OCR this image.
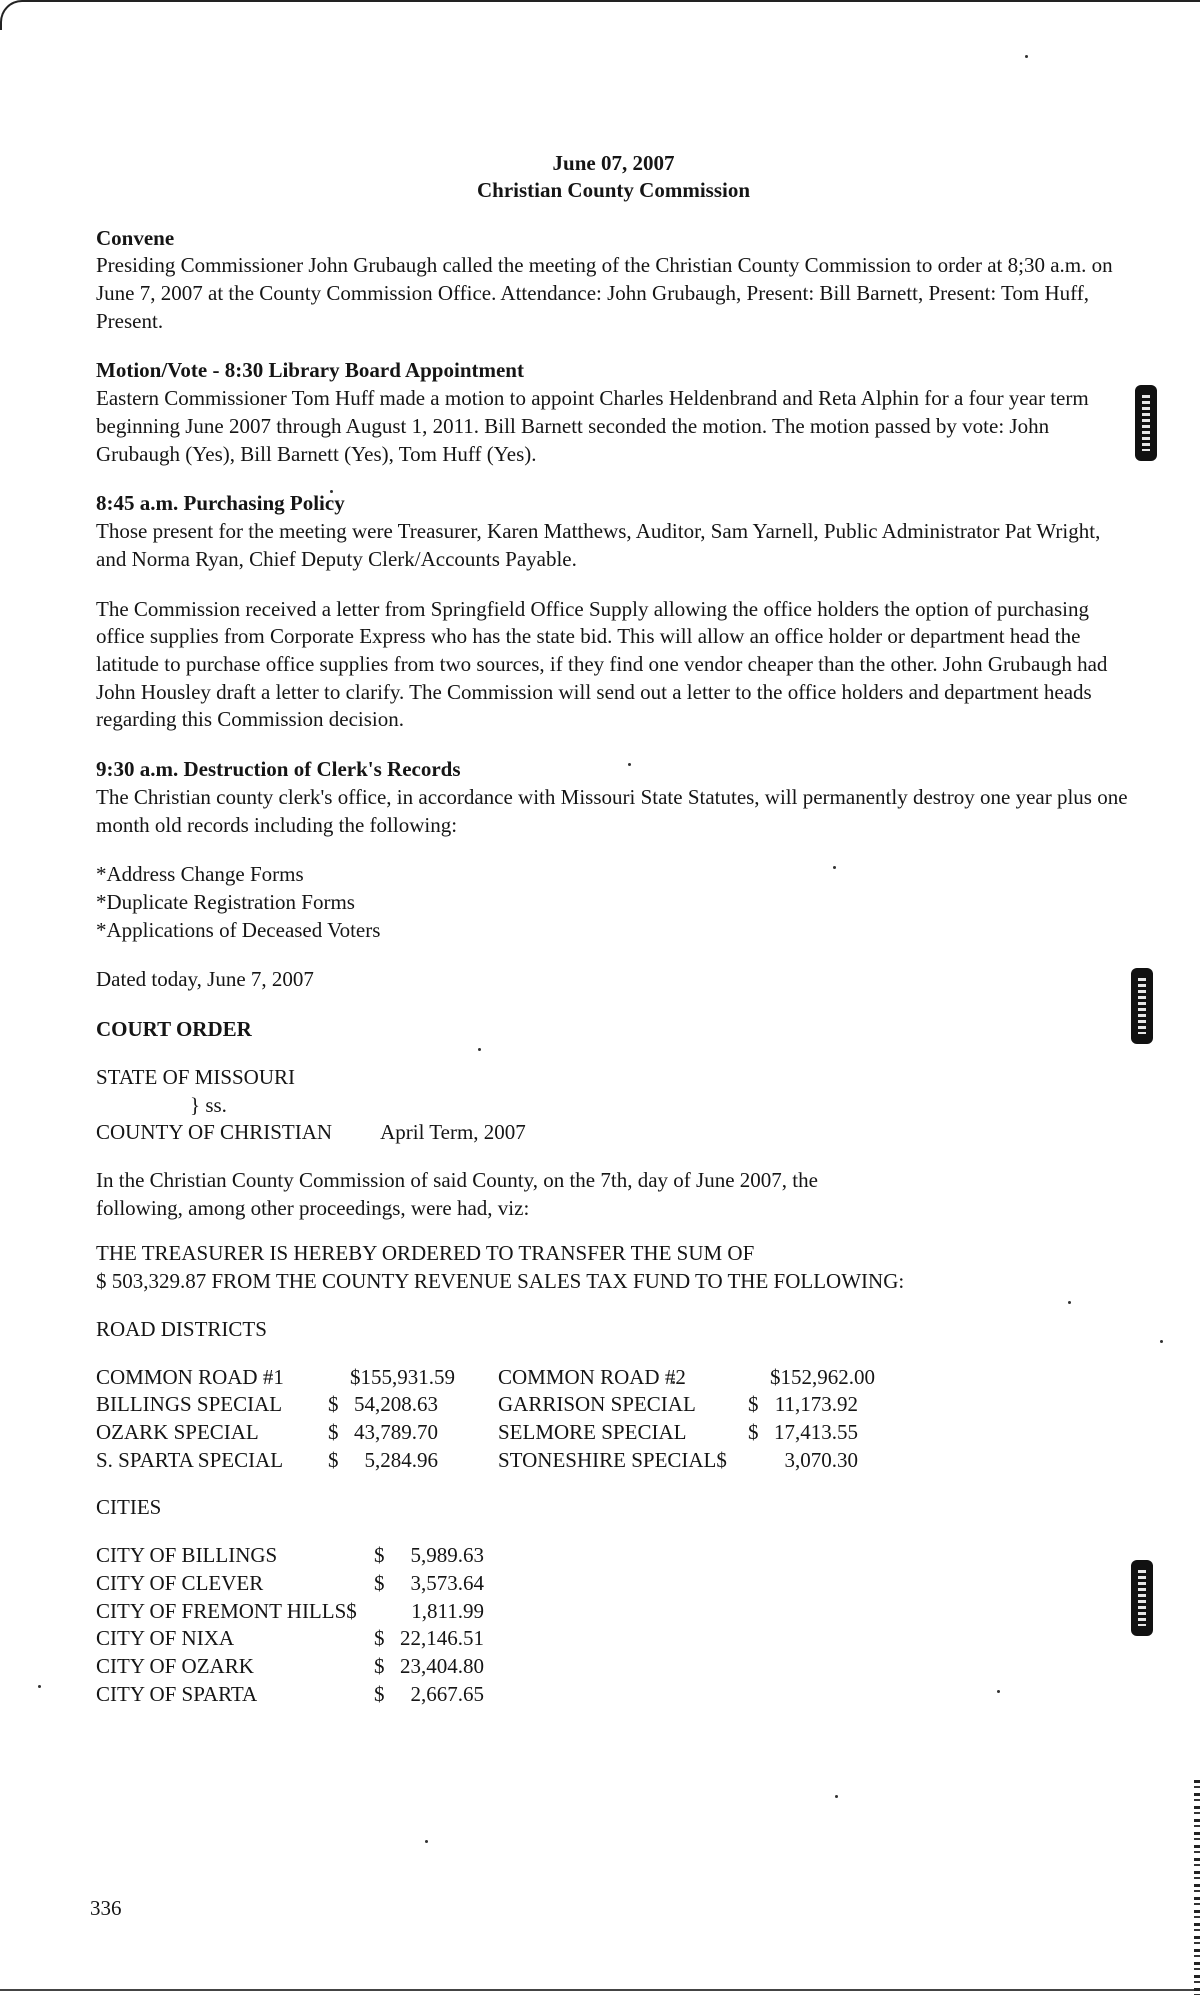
June 07, 2007
Christian County Commission
Convene
Presiding Commissioner John Grubaugh called the meeting of the Christian County Commission to order at 8;30 a.m. on June 7, 2007 at the County Commission Office. Attendance: John Grubaugh, Present: Bill Barnett, Present: Tom Huff, Present.
Motion/Vote - 8:30 Library Board Appointment
Eastern Commissioner Tom Huff made a motion to appoint Charles Heldenbrand and Reta Alphin for a four year term beginning June 2007 through August 1, 2011. Bill Barnett seconded the motion. The motion passed by vote: John Grubaugh (Yes), Bill Barnett (Yes), Tom Huff (Yes).
8:45 a.m. Purchasing Policy

Those present for the meeting were Treasurer, Karen Matthews, Auditor, Sam Yarnell, Public Administrator Pat Wright, and Norma Ryan, Chief Deputy Clerk/Accounts Payable.

The Commission received a letter from Springfield Office Supply allowing the office holders the option of purchasing office supplies from Corporate Express who has the state bid. This will allow an office holder or department head the latitude to purchase office supplies from two sources, if they find one vendor cheaper than the other. John Grubaugh had John Housley draft a letter to clarify. The Commission will send out a letter to the office holders and department heads regarding this Commission decision.
9:30 a.m. Destruction of Clerk's Records

The Christian county clerk's office, in accordance with Missouri State Statutes, will permanently destroy one year plus one month old records including the following:

*Address Change Forms
*Duplicate Registration Forms
*Applications of Deceased Voters
Dated today, June 7, 2007
COURT ORDER
STATE OF MISSOURI
} ss.
COUNTY OF CHRISTIAN April Term, 2007
In the Christian County Commission of said County, on the 7th, day of June 2007, the following, among other proceedings, were had, viz:
THE TREASURER IS HEREBY ORDERED TO TRANSFER THE SUM OF
$ 503,329.87 FROM THE COUNTY REVENUE SALES TAX FUND TO THE FOLLOWING:
ROAD DISTRICTS
COMMON ROAD #1	$155,931.59	COMMON ROAD #2	$152,962.00
BILLINGS SPECIAL	$ 54,208.63	GARRISON SPECIAL	$ 11,173.92
OZARK SPECIAL	$ 43,789.70	SELMORE SPECIAL	$ 17,413.55
S. SPARTA SPECIAL	$ 5,284.96	STONESHIRE SPECIAL$	3,070.30
CITIES
CITY OF BILLINGS	$ 5,989.63
CITY OF CLEVER	$ 3,573.64
CITY OF FREMONT HILLS$	1,811.99
CITY OF NIXA	$ 22,146.51
CITY OF OZARK	$ 23,404.80
CITY OF SPARTA	$ 2,667.65
336
